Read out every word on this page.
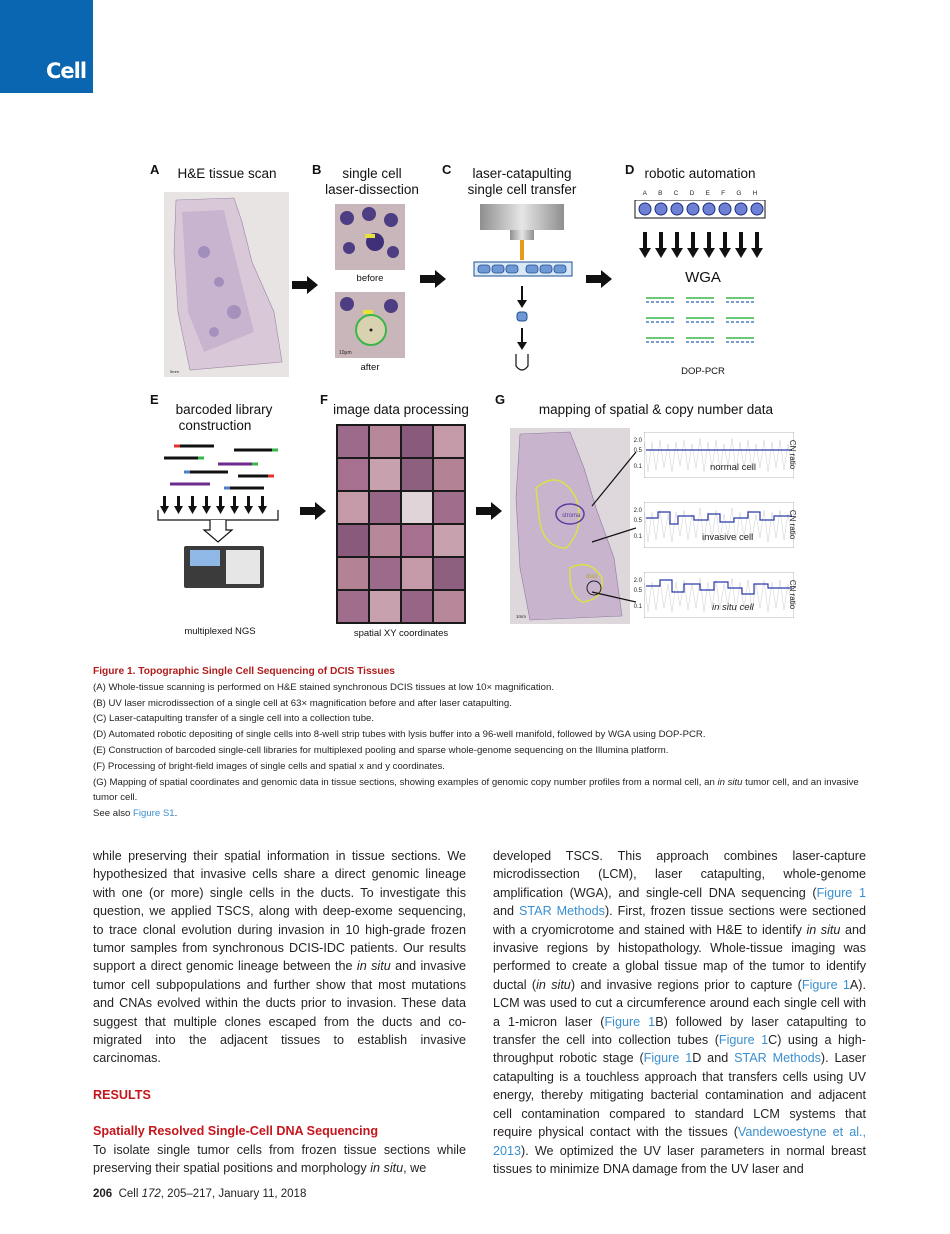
Cell
A	H&E tissue scan
5mm
B	single cell
laser-dissection
before
10μm
after
C	laser-catapulting
single cell transfer
D robotic automation
A B C D E F G H
WGA
DOP-PCR
E
barcoded library
construction
multiplexed NGS
F
image data processing
spatial XY coordinates
G
mapping of spatial & copy number data
stroma
duct
1mm
2.0
0.5
0.1	normal cell	CN ratio
2.0
0.5
0.1	invasive cell	CN ratio
2.0
0.5
0.1	in situ cell	CN ratio

Figure 1. Topographic Single Cell Sequencing of DCIS Tissues

(A) Whole-tissue scanning is performed on H&E stained synchronous DCIS tissues at low 10× magnification.

(B) UV laser microdissection of a single cell at 63× magnification before and after laser catapulting.

(C) Laser-catapulting transfer of a single cell into a collection tube.

(D) Automated robotic depositing of single cells into 8-well strip tubes with lysis buffer into a 96-well manifold, followed by WGA using DOP-PCR.

(E) Construction of barcoded single-cell libraries for multiplexed pooling and sparse whole-genome sequencing on the Illumina platform.

(F) Processing of bright-field images of single cells and spatial x and y coordinates.

(G) Mapping of spatial coordinates and genomic data in tissue sections, showing examples of genomic copy number profiles from a normal cell, an in situ tumor cell, and an invasive tumor cell.

See also Figure S1.

while preserving their spatial information in tissue sections. We hypothesized that invasive cells share a direct genomic lineage with one (or more) single cells in the ducts. To investigate this question, we applied TSCS, along with deep-exome sequencing, to trace clonal evolution during invasion in 10 high-grade frozen tumor samples from synchronous DCIS-IDC patients. Our results support a direct genomic lineage between the in situ and invasive tumor cell subpopulations and further show that most mutations and CNAs evolved within the ducts prior to invasion. These data suggest that multiple clones escaped from the ducts and co-migrated into the adjacent tissues to establish invasive carcinomas.

RESULTS

Spatially Resolved Single-Cell DNA Sequencing

To isolate single tumor cells from frozen tissue sections while preserving their spatial positions and morphology in situ, we

developed TSCS. This approach combines laser-capture microdissection (LCM), laser catapulting, whole-genome amplification (WGA), and single-cell DNA sequencing (Figure 1 and STAR Methods). First, frozen tissue sections were sectioned with a cryomicrotome and stained with H&E to identify in situ and invasive regions by histopathology. Whole-tissue imaging was performed to create a global tissue map of the tumor to identify ductal (in situ) and invasive regions prior to capture (Figure 1A). LCM was used to cut a circumference around each single cell with a 1-micron laser (Figure 1B) followed by laser catapulting to transfer the cell into collection tubes (Figure 1C) using a high-throughput robotic stage (Figure 1D and STAR Methods). Laser catapulting is a touchless approach that transfers cells using UV energy, thereby mitigating bacterial contamination and adjacent cell contamination compared to standard LCM systems that require physical contact with the tissues (Vandewoestyne et al., 2013). We optimized the UV laser parameters in normal breast tissues to minimize DNA damage from the UV laser and

206 Cell 172, 205–217, January 11, 2018
